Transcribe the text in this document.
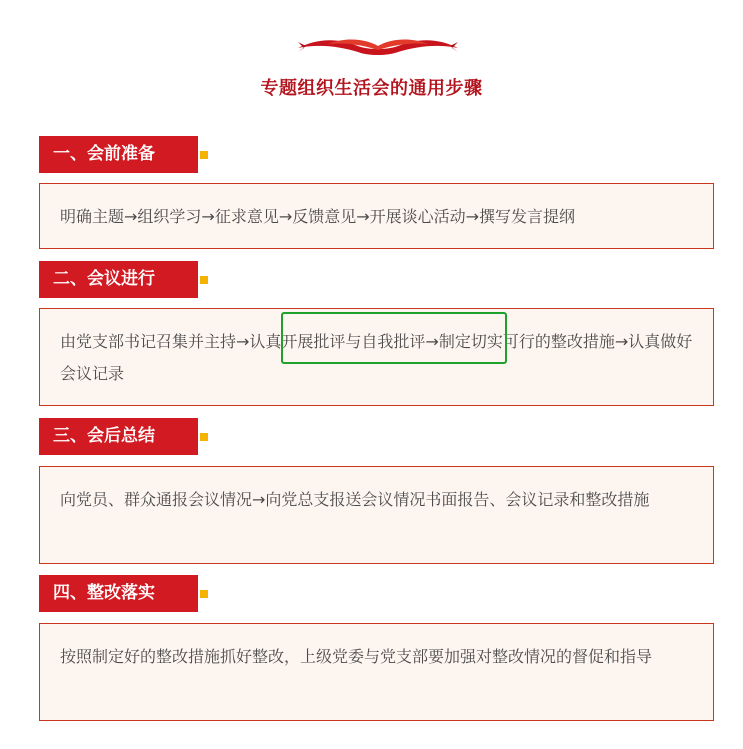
专题组织生活会的通用步骤
一、会前准备
明确主题→组织学习→征求意见→反馈意见→开展谈心活动→撰写发言提纲
二、会议进行
由党支部书记召集并主持→认真开展批评与自我批评→制定切实可行的整改措施→认真做好会议记录
三、会后总结
向党员、群众通报会议情况→向党总支报送会议情况书面报告、会议记录和整改措施
四、整改落实
按照制定好的整改措施抓好整改，上级党委与党支部要加强对整改情况的督促和指导
